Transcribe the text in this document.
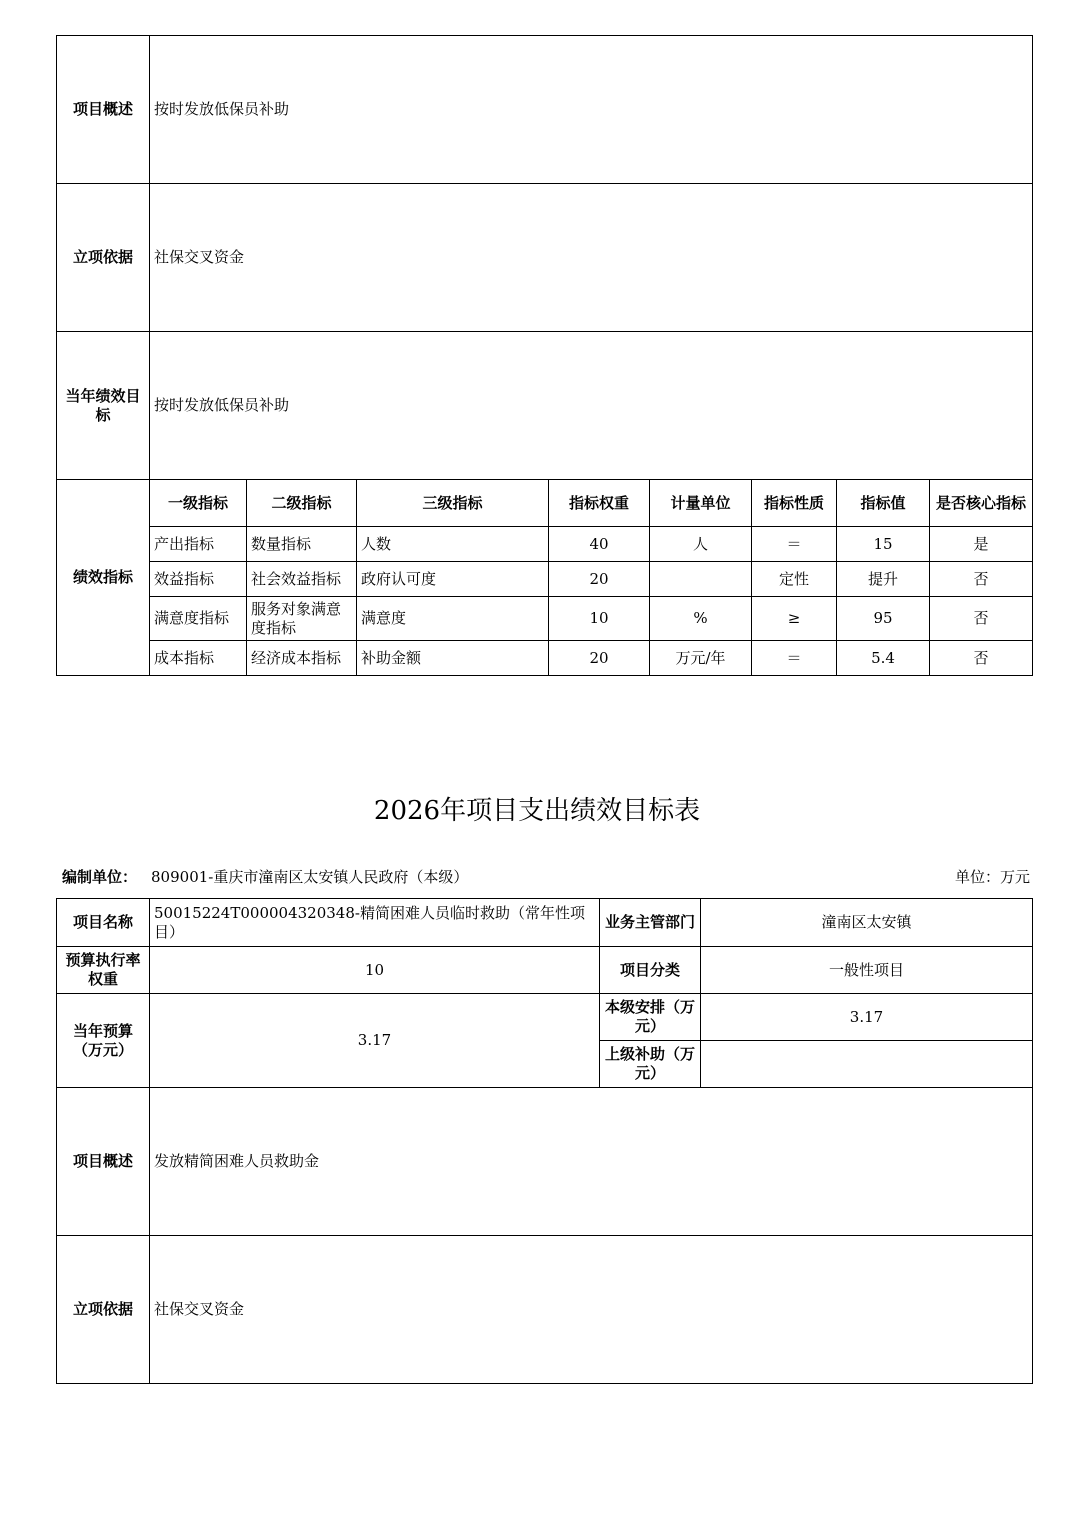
项目概述	按时发放低保员补助							
立项依据	社保交叉资金							
当年绩效目标	按时发放低保员补助							
绩效指标	一级指标	二级指标	三级指标	指标权重	计量单位	指标性质	指标值	是否核心指标
	产出指标	数量指标	人数	40	人	＝	15	是
	效益指标	社会效益指标	政府认可度	20		定性	提升	否
	满意度指标	服务对象满意度指标	满意度	10	%	≥	95	否
	成本指标	经济成本指标	补助金额	20	万元/年	＝	5.4	否
2026年项目支出绩效目标表
编制单位： 809001-重庆市潼南区太安镇人民政府（本级）	单位：万元
项目名称	50015224T000004320348-精简困难人员临时救助（常年性项目）	业务主管部门	潼南区太安镇
预算执行率权重	10	项目分类	一般性项目
当年预算（万元）	3.17	本级安排（万元）	3.17
		上级补助（万元）	
项目概述	发放精简困难人员救助金		
立项依据	社保交叉资金		
